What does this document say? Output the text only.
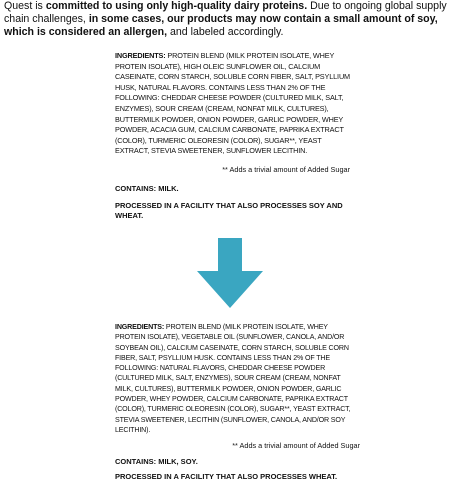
Quest is committed to using only high-quality dairy proteins. Due to ongoing global supply chain challenges, in some cases, our products may now contain a small amount of soy, which is considered an allergen, and labeled accordingly.

INGREDIENTS: PROTEIN BLEND (MILK PROTEIN ISOLATE, WHEY PROTEIN ISOLATE), HIGH OLEIC SUNFLOWER OIL, CALCIUM CASEINATE, CORN STARCH, SOLUBLE CORN FIBER, SALT, PSYLLIUM HUSK, NATURAL FLAVORS. CONTAINS LESS THAN 2% OF THE FOLLOWING: CHEDDAR CHEESE POWDER (CULTURED MILK, SALT, ENZYMES), SOUR CREAM (CREAM, NONFAT MILK, CULTURES), BUTTERMILK POWDER, ONION POWDER, GARLIC POWDER, WHEY POWDER, ACACIA GUM, CALCIUM CARBONATE, PAPRIKA EXTRACT (COLOR), TURMERIC OLEORESIN (COLOR), SUGAR**, YEAST EXTRACT, STEVIA SWEETENER, SUNFLOWER LECITHIN.

** Adds a trivial amount of Added Sugar

CONTAINS: MILK.

PROCESSED IN A FACILITY THAT ALSO PROCESSES SOY AND WHEAT.

INGREDIENTS: PROTEIN BLEND (MILK PROTEIN ISOLATE, WHEY PROTEIN ISOLATE), VEGETABLE OIL (SUNFLOWER, CANOLA, AND/OR SOYBEAN OIL), CALCIUM CASEINATE, CORN STARCH, SOLUBLE CORN FIBER, SALT, PSYLLIUM HUSK. CONTAINS LESS THAN 2% OF THE FOLLOWING: NATURAL FLAVORS, CHEDDAR CHEESE POWDER (CULTURED MILK, SALT, ENZYMES), SOUR CREAM (CREAM, NONFAT MILK, CULTURES), BUTTERMILK POWDER, ONION POWDER, GARLIC POWDER, WHEY POWDER, CALCIUM CARBONATE, PAPRIKA EXTRACT (COLOR), TURMERIC OLEORESIN (COLOR), SUGAR**, YEAST EXTRACT, STEVIA SWEETENER, LECITHIN (SUNFLOWER, CANOLA, AND/OR SOY LECITHIN).

** Adds a trivial amount of Added Sugar

CONTAINS: MILK, SOY.

PROCESSED IN A FACILITY THAT ALSO PROCESSES WHEAT.
